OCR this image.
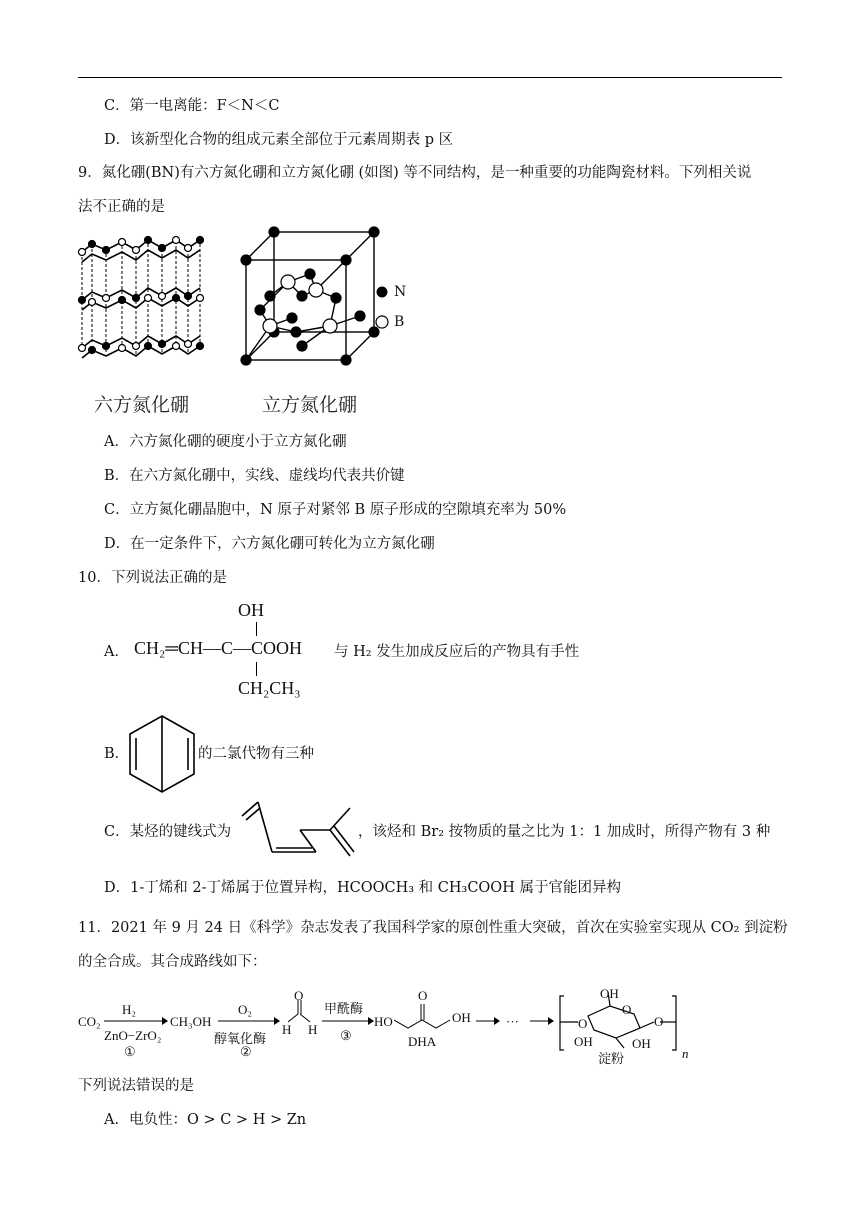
C．第一电离能：F＜N＜C
D．该新型化合物的组成元素全部位于元素周期表 p 区
9．氮化硼(BN)有六方氮化硼和立方氮化硼 (如图) 等不同结构，是一种重要的功能陶瓷材料。下列相关说
法不正确的是
六方氮化硼
N
B
立方氮化硼
A．六方氮化硼的硬度小于立方氮化硼
B．在六方氮化硼中，实线、虚线均代表共价键
C．立方氮化硼晶胞中，N 原子对紧邻 B 原子形成的空隙填充率为 50%
D．在一定条件下，六方氮化硼可转化为立方氮化硼
10．下列说法正确的是
A．
OH
CH₂═CH—C—COOH
CH₂CH₃
与 H₂ 发生加成反应后的产物具有手性
B．	的二氯代物有三种
C．某烃的键线式为	，该烃和 Br₂ 按物质的量之比为 1：1 加成时，所得产物有 3 种
D．1-丁烯和 2-丁烯属于位置异构，HCOOCH₃ 和 CH₃COOH 属于官能团异构
11．2021 年 9 月 24 日《科学》杂志发表了我国科学家的原创性重大突破，首次在实验室实现从 CO₂ 到淀粉
的全合成。其合成路线如下：
CO₂
H₂
ZnO−ZrO₂
①
CH₃OH
O₂
醇氧化酶
②
O
H H
甲酰酶
③
HO
O
OH
DHA
···	O
OH
O
OH	OH
O
淀粉	n
下列说法错误的是
A．电负性：O > C > H > Zn
